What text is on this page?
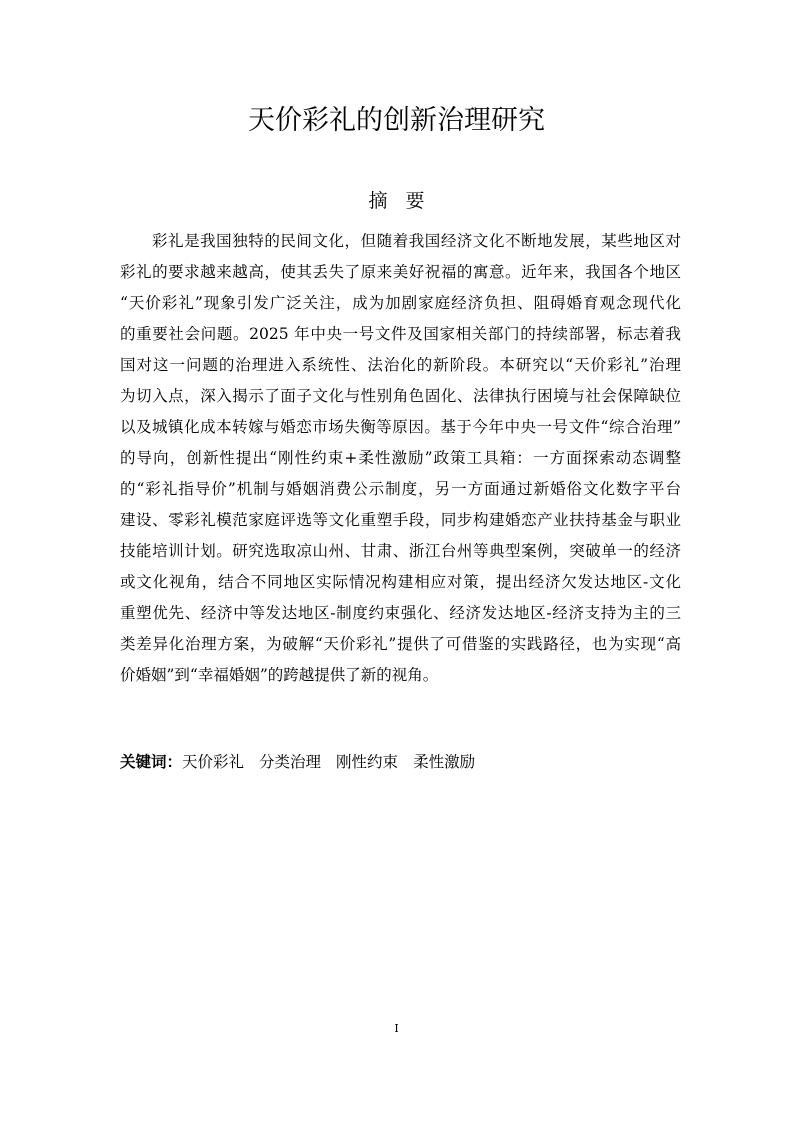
天价彩礼的创新治理研究
摘要
彩礼是我国独特的民间文化，但随着我国经济文化不断地发展，某些地区对
彩礼的要求越来越高，使其丢失了原来美好祝福的寓意。近年来，我国各个地区
“天价彩礼”现象引发广泛关注，成为加剧家庭经济负担、阻碍婚育观念现代化
的重要社会问题。2025 年中央一号文件及国家相关部门的持续部署，标志着我
国对这一问题的治理进入系统性、法治化的新阶段。本研究以“天价彩礼”治理
为切入点，深入揭示了面子文化与性别角色固化、法律执行困境与社会保障缺位
以及城镇化成本转嫁与婚恋市场失衡等原因。基于今年中央一号文件“综合治理”
的导向，创新性提出“刚性约束+柔性激励”政策工具箱：一方面探索动态调整
的“彩礼指导价”机制与婚姻消费公示制度，另一方面通过新婚俗文化数字平台
建设、零彩礼模范家庭评选等文化重塑手段，同步构建婚恋产业扶持基金与职业
技能培训计划。研究选取凉山州、甘肃、浙江台州等典型案例，突破单一的经济
或文化视角，结合不同地区实际情况构建相应对策，提出经济欠发达地区-文化
重塑优先、经济中等发达地区-制度约束强化、经济发达地区-经济支持为主的三
类差异化治理方案，为破解“天价彩礼”提供了可借鉴的实践路径，也为实现“高
价婚姻”到“幸福婚姻”的跨越提供了新的视角。
关键词：天价彩礼 分类治理 刚性约束 柔性激励
I
